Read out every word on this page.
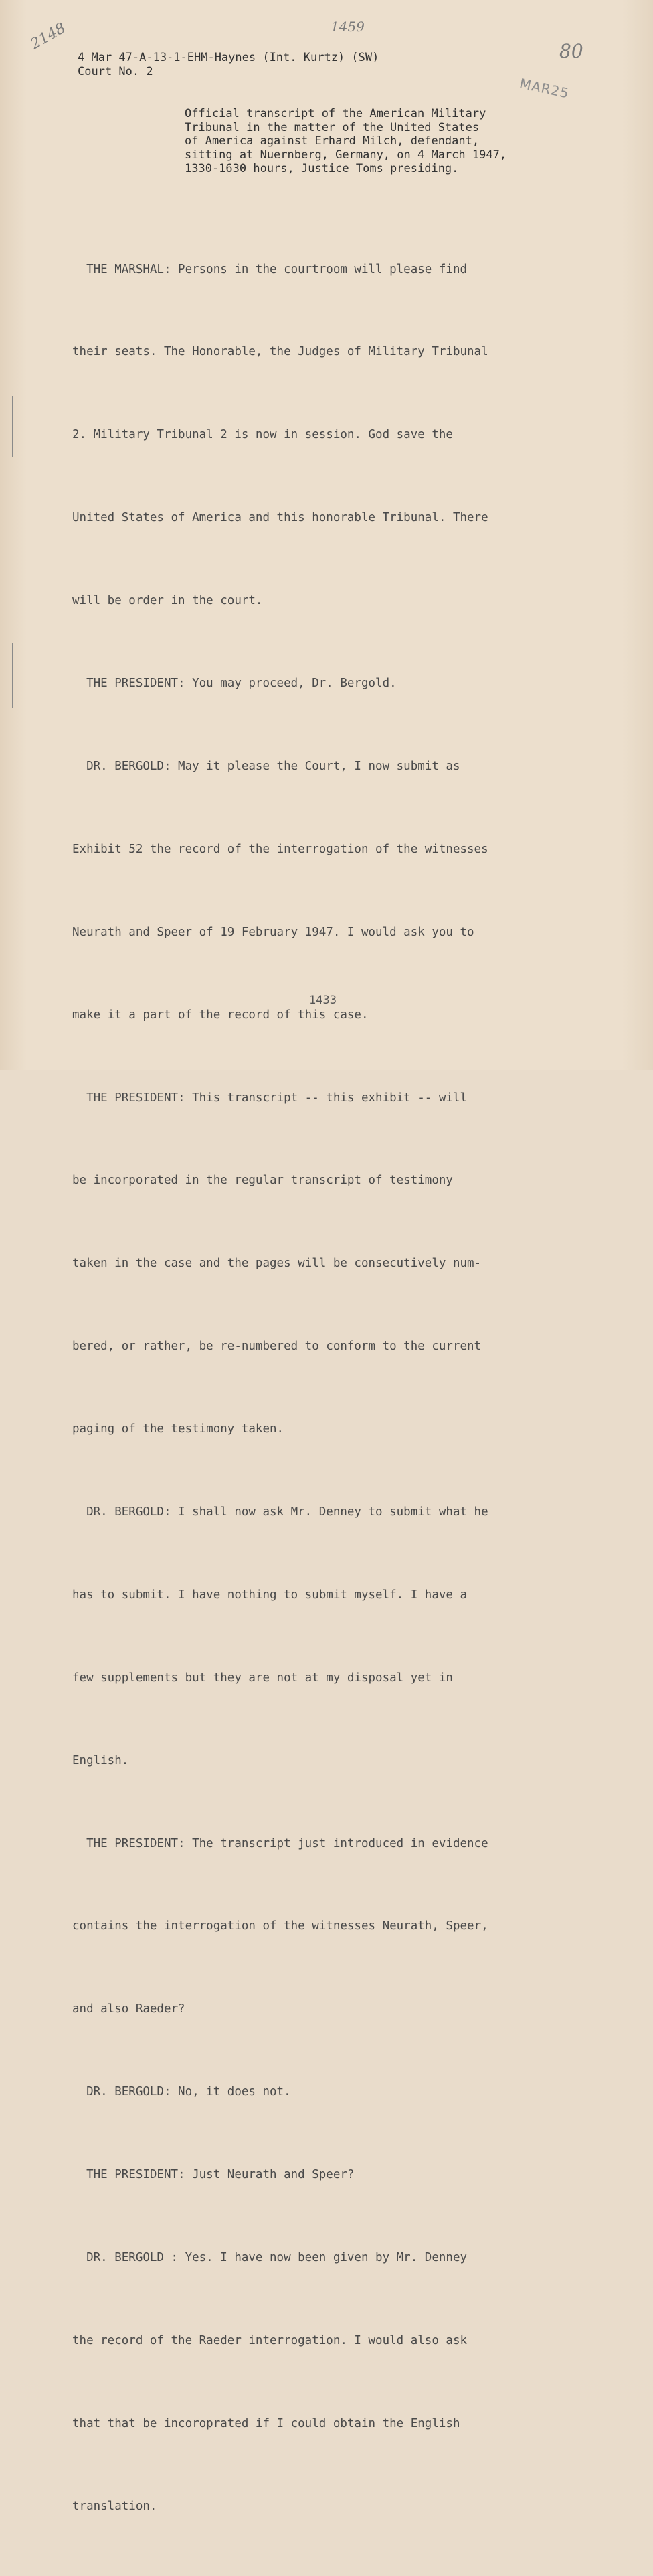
2148	1459
80
MAR25
4 Mar 47-A-13-1-EHM-Haynes (Int. Kurtz) (SW)
Court No. 2
Official transcript of the American Military
Tribunal in the matter of the United States
of America against Erhard Milch, defendant,
sitting at Nuernberg, Germany, on 4 March 1947,
1330-1630 hours, Justice Toms presiding.

THE MARSHAL: Persons in the courtroom will please find

their seats. The Honorable, the Judges of Military Tribunal

2. Military Tribunal 2 is now in session. God save the

United States of America and this honorable Tribunal. There

will be order in the court.

THE PRESIDENT: You may proceed, Dr. Bergold.

DR. BERGOLD: May it please the Court, I now submit as

Exhibit 52 the record of the interrogation of the witnesses

Neurath and Speer of 19 February 1947. I would ask you to

make it a part of the record of this case.

THE PRESIDENT: This transcript -- this exhibit -- will

be incorporated in the regular transcript of testimony

taken in the case and the pages will be consecutively num-

bered, or rather, be re-numbered to conform to the current

paging of the testimony taken.

DR. BERGOLD: I shall now ask Mr. Denney to submit what he

has to submit. I have nothing to submit myself. I have a

few supplements but they are not at my disposal yet in

English.

THE PRESIDENT: The transcript just introduced in evidence

contains the interrogation of the witnesses Neurath, Speer,

and also Raeder?

DR. BERGOLD: No, it does not.

THE PRESIDENT: Just Neurath and Speer?

DR. BERGOLD : Yes. I have now been given by Mr. Denney

the record of the Raeder interrogation. I would also ask

that that be incoroprated if I could obtain the English

translation.

1433
